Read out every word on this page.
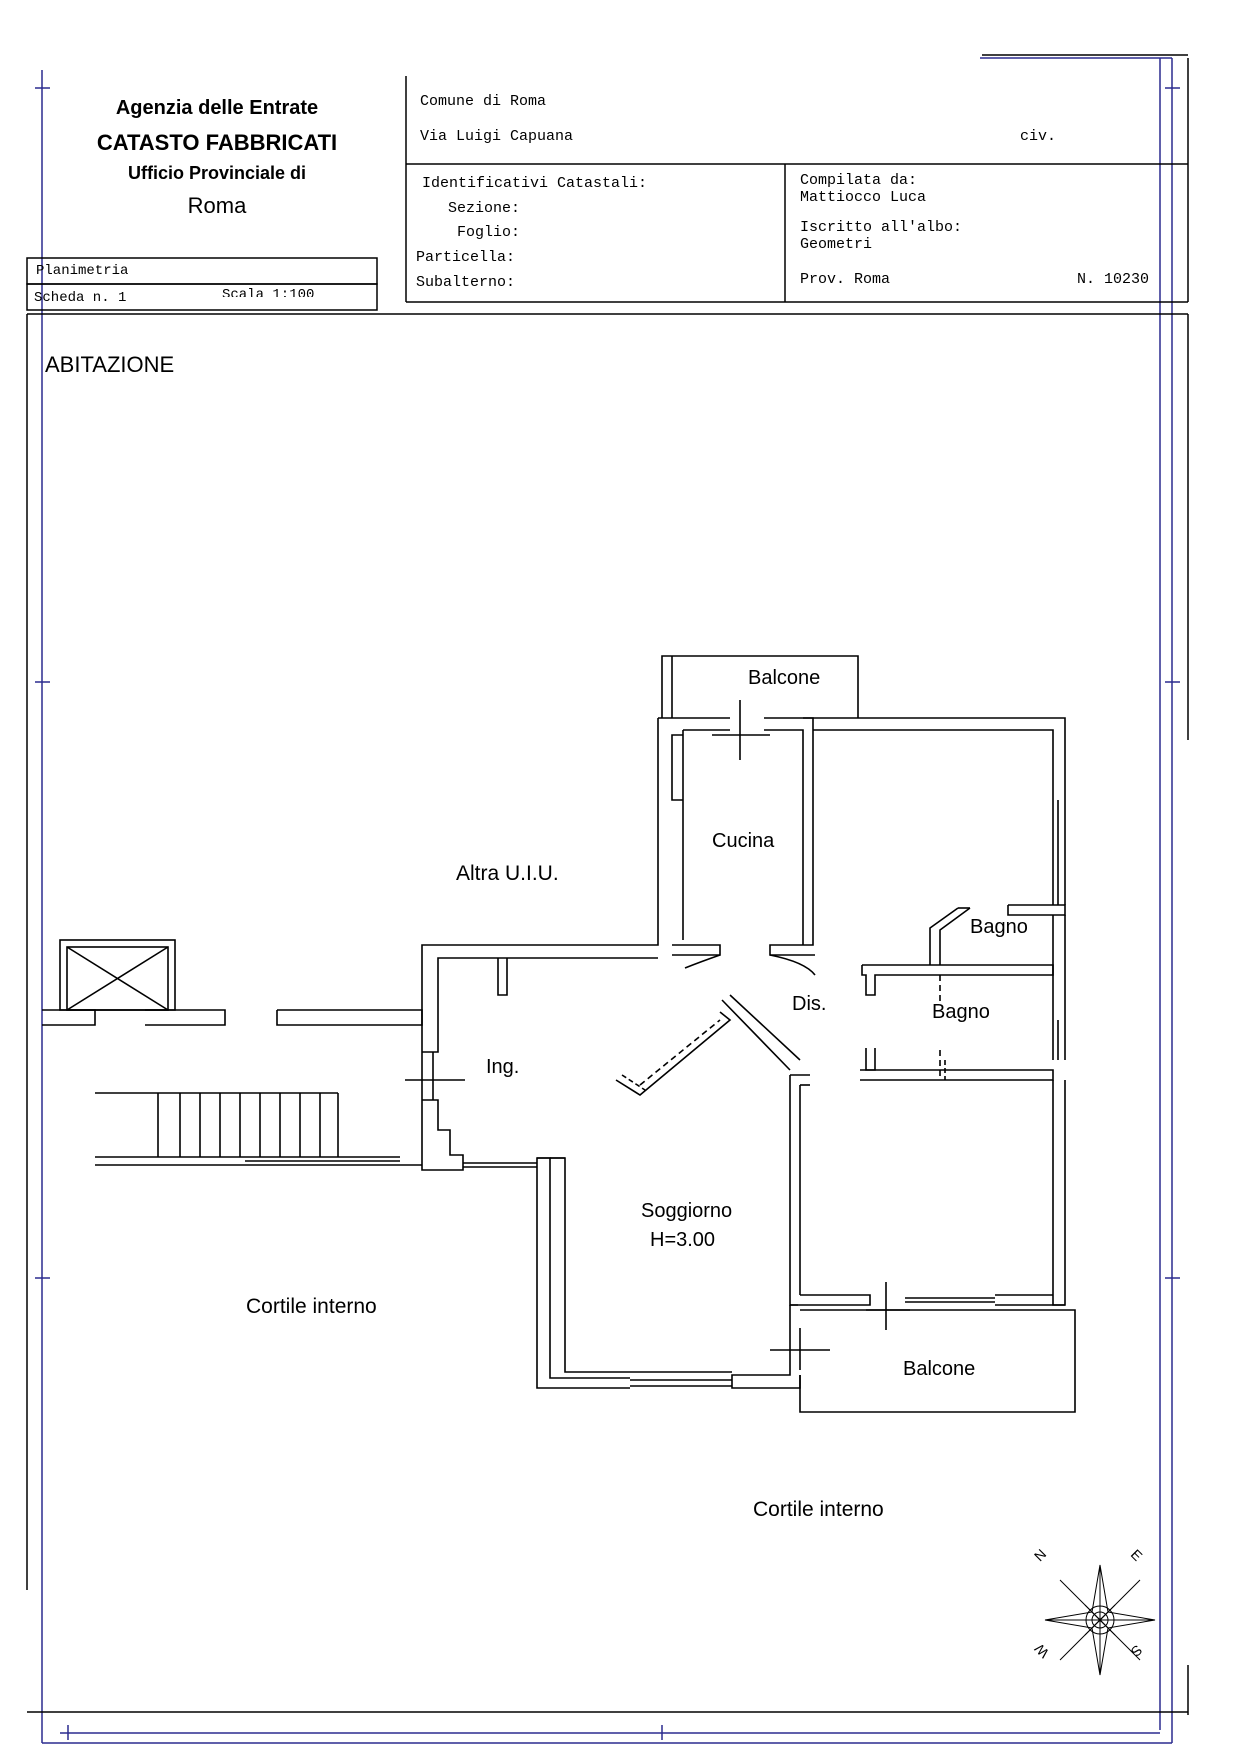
Agenzia delle Entrate
CATASTO FABBRICATI
Ufficio Provinciale di
Roma
Planimetria
Scheda n. 1	Scala 1:100
Comune di Roma
Via Luigi Capuana	civ.
Identificativi Catastali:
Sezione:
Foglio:
Particella:
Subalterno:
Compilata da:
Mattiocco Luca
Iscritto all'albo:
Geometri
Prov. Roma	N. 10230
ABITAZIONE
Balcone
Cucina
Altra U.I.U.
Bagno
Dis.	Bagno
Ing.
Soggiorno
H=3.00
Cortile interno
Balcone
Cortile interno
N	E
S
W
